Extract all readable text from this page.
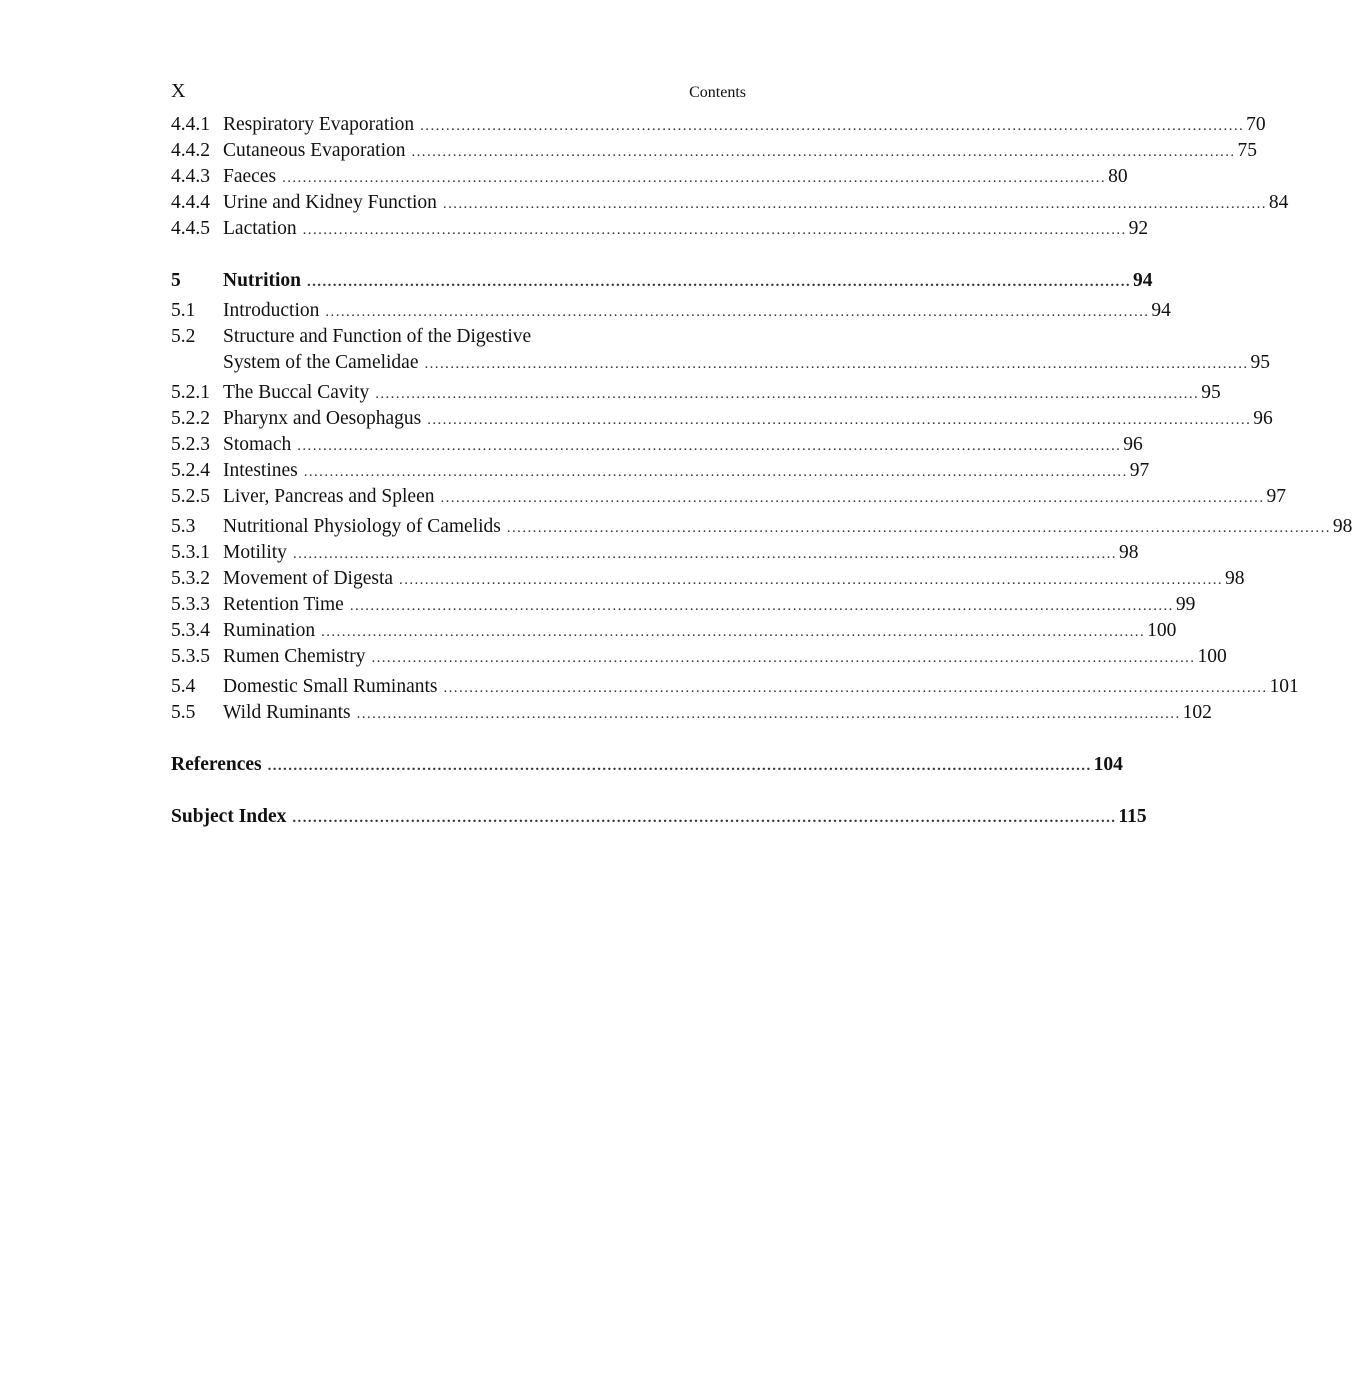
X	Contents
4.4.1 Respiratory Evaporation ................................................................................................................................................................ 70
4.4.2 Cutaneous Evaporation ................................................................................................................................................................ 75
4.4.3 Faeces ................................................................................................................................................................ 80
4.4.4 Urine and Kidney Function ................................................................................................................................................................ 84
4.4.5 Lactation ................................................................................................................................................................ 92
5	Nutrition ................................................................................................................................................................ 94
5.1	Introduction ................................................................................................................................................................ 94
5.2	Structure and Function of the Digestive
System of the Camelidae ................................................................................................................................................................ 95
5.2.1 The Buccal Cavity ................................................................................................................................................................ 95
5.2.2 Pharynx and Oesophagus ................................................................................................................................................................ 96
5.2.3 Stomach ................................................................................................................................................................ 96
5.2.4 Intestines ................................................................................................................................................................ 97
5.2.5 Liver, Pancreas and Spleen ................................................................................................................................................................ 97
5.3	Nutritional Physiology of Camelids ................................................................................................................................................................ 98
5.3.1 Motility ................................................................................................................................................................ 98
5.3.2 Movement of Digesta ................................................................................................................................................................ 98
5.3.3 Retention Time ................................................................................................................................................................ 99
5.3.4 Rumination ................................................................................................................................................................ 100
5.3.5 Rumen Chemistry ................................................................................................................................................................ 100
5.4	Domestic Small Ruminants ................................................................................................................................................................ 101
5.5	Wild Ruminants ................................................................................................................................................................ 102
References ................................................................................................................................................................ 104
Subject Index ................................................................................................................................................................ 115
